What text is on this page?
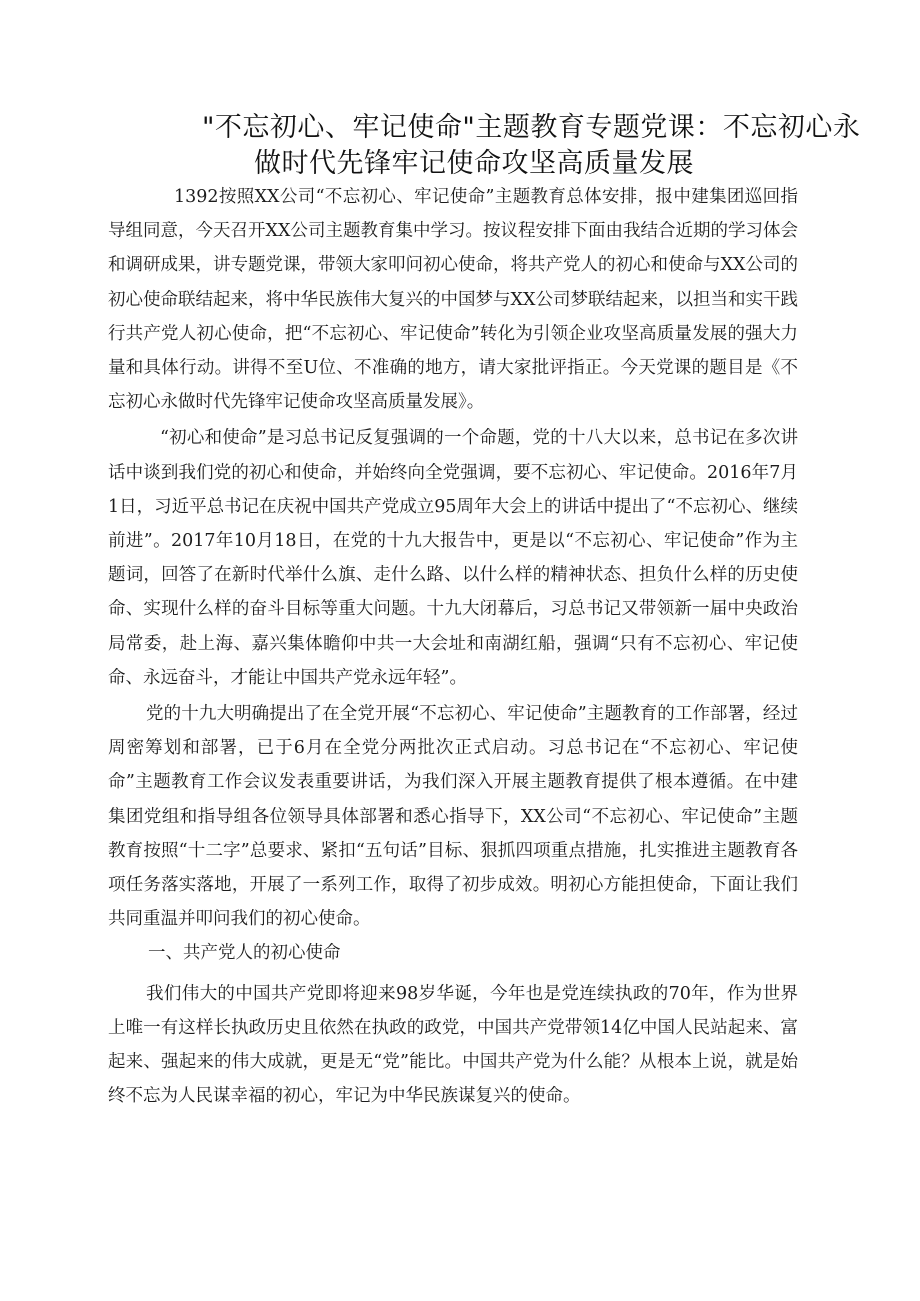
"不忘初心、牢记使命"主题教育专题党课：不忘初心永
做时代先锋牢记使命攻坚高质量发展

1392按照XX公司“不忘初心、牢记使命”主题教育总体安排，报中建集团巡回指导组同意，今天召开XX公司主题教育集中学习。按议程安排下面由我结合近期的学习体会和调研成果，讲专题党课，带领大家叩问初心使命，将共产党人的初心和使命与XX公司的初心使命联结起来，将中华民族伟大复兴的中国梦与XX公司梦联结起来，以担当和实干践行共产党人初心使命，把“不忘初心、牢记使命”转化为引领企业攻坚高质量发展的强大力量和具体行动。讲得不至U位、不准确的地方，请大家批评指正。今天党课的题目是《不忘初心永做时代先锋牢记使命攻坚高质量发展》。

“初心和使命”是习总书记反复强调的一个命题，党的十八大以来，总书记在多次讲话中谈到我们党的初心和使命，并始终向全党强调，要不忘初心、牢记使命。2016年7月1日，习近平总书记在庆祝中国共产党成立95周年大会上的讲话中提出了“不忘初心、继续前进”。2017年10月18日，在党的十九大报告中，更是以“不忘初心、牢记使命”作为主题词，回答了在新时代举什么旗、走什么路、以什么样的精神状态、担负什么样的历史使命、实现什么样的奋斗目标等重大问题。十九大闭幕后，习总书记又带领新一届中央政治局常委，赴上海、嘉兴集体瞻仰中共一大会址和南湖红船，强调“只有不忘初心、牢记使命、永远奋斗，才能让中国共产党永远年轻”。

党的十九大明确提出了在全党开展“不忘初心、牢记使命”主题教育的工作部署，经过周密筹划和部署，已于6月在全党分两批次正式启动。习总书记在“不忘初心、牢记使命”主题教育工作会议发表重要讲话，为我们深入开展主题教育提供了根本遵循。在中建集团党组和指导组各位领导具体部署和悉心指导下，XX公司“不忘初心、牢记使命”主题教育按照“十二字”总要求、紧扣“五句话”目标、狠抓四项重点措施，扎实推进主题教育各项任务落实落地，开展了一系列工作，取得了初步成效。明初心方能担使命，下面让我们共同重温并叩问我们的初心使命。

一、共产党人的初心使命

我们伟大的中国共产党即将迎来98岁华诞，今年也是党连续执政的70年，作为世界上唯一有这样长执政历史且依然在执政的政党，中国共产党带领14亿中国人民站起来、富起来、强起来的伟大成就，更是无“党”能比。中国共产党为什么能？从根本上说，就是始终不忘为人民谋幸福的初心，牢记为中华民族谋复兴的使命。
